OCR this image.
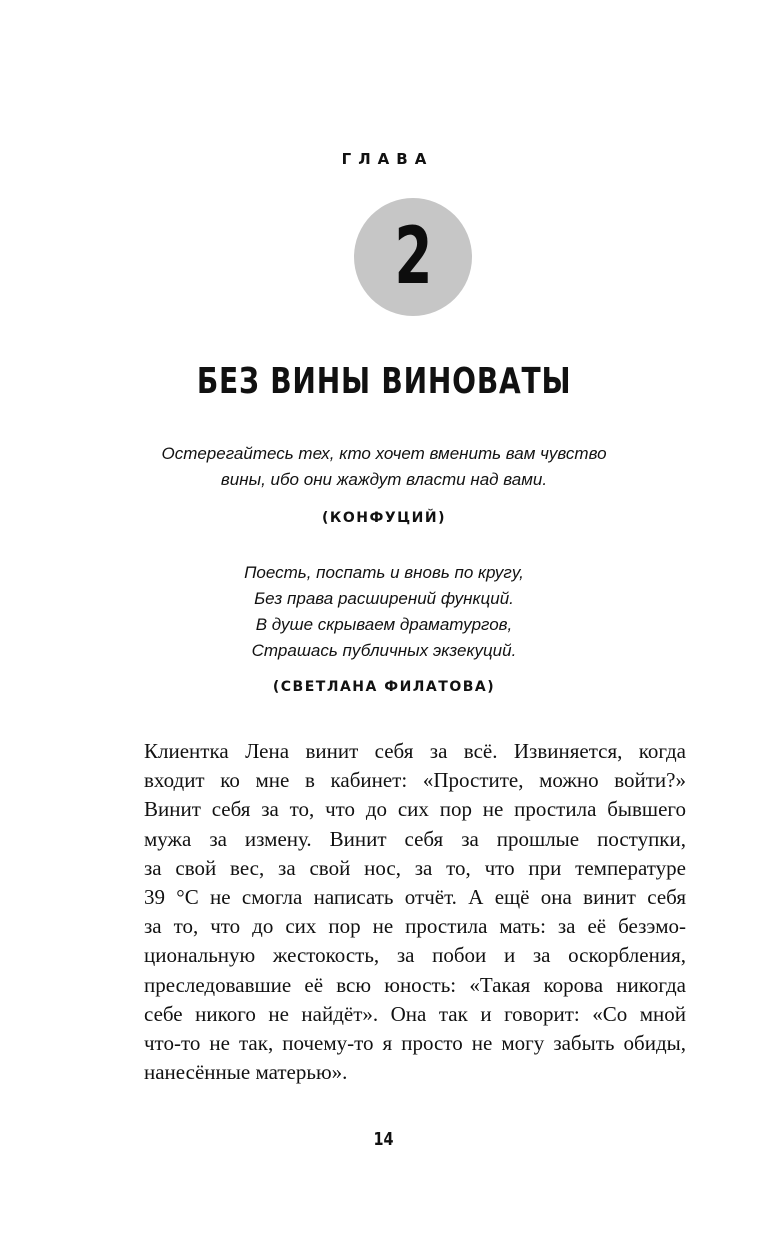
ГЛАВА
2
БЕЗ ВИНЫ ВИНОВАТЫ
Остерегайтесь тех, кто хочет вменить вам чувство
вины, ибо они жаждут власти над вами.
(КОНФУЦИЙ)
Поесть, поспать и вновь по кругу,
Без права расширений функций.
В душе скрываем драматургов,
Страшась публичных экзекуций.
(СВЕТЛАНА ФИЛАТОВА)
Клиентка Лена винит себя за всё. Извиняется, когда
входит ко мне в кабинет: «Простите, можно войти?»
Винит себя за то, что до сих пор не простила бывшего
мужа за измену. Винит себя за прошлые поступки,
за свой вес, за свой нос, за то, что при температуре
39 °С не смогла написать отчёт. А ещё она винит себя
за то, что до сих пор не простила мать: за её безэмо-
циональную жестокость, за побои и за оскорбления,
преследовавшие её всю юность: «Такая корова никогда
себе никого не найдёт». Она так и говорит: «Со мной
что-то не так, почему-то я просто не могу забыть обиды,
нанесённые матерью».
14
